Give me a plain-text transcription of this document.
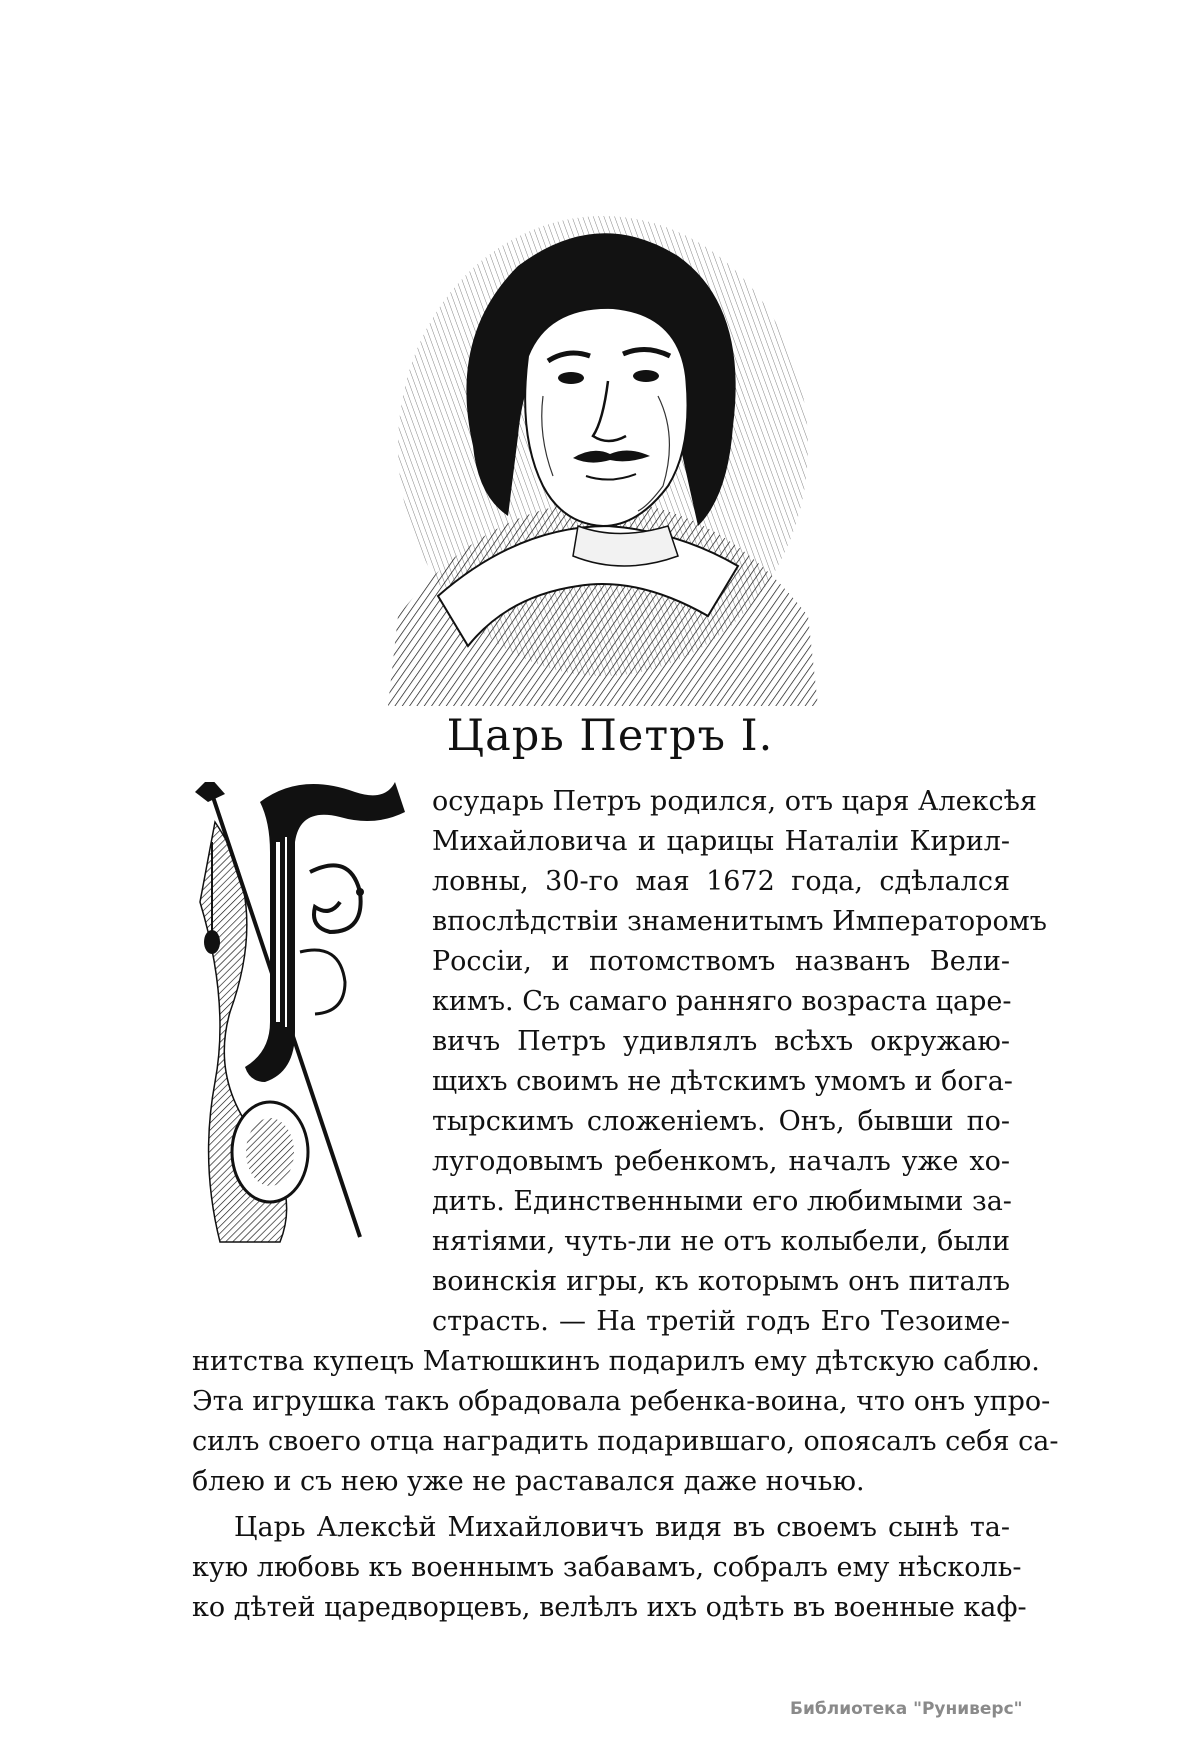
Царь Петръ I.
осударь Петръ родился, отъ царя Алексѣя
Михайловича и царицы Наталiи Кирил-
ловны, 30-го мая 1672 года, сдѣлался
впослѣдствiи знаменитымъ Императоромъ
Россiи, и потомствомъ названъ Вели-
кимъ. Съ самаго ранняго возраста царе-
вичъ Петръ удивлялъ всѣхъ окружаю-
щихъ своимъ не дѣтскимъ умомъ и бога-
тырскимъ сложенiемъ. Онъ, бывши по-
лугодовымъ ребенкомъ, началъ уже хо-
дить. Единственными его любимыми за-
нятiями, чуть-ли не отъ колыбели, были
воинскiя игры, къ которымъ онъ питалъ
страсть. — На третiй годъ Его Тезоиме-
нитства купецъ Матюшкинъ подарилъ ему дѣтскую саблю.
Эта игрушка такъ обрадовала ребенка-воина, что онъ упро-
силъ своего отца наградить подарившаго, опоясалъ себя са-
блею и съ нею уже не раставался даже ночью.
Царь Алексѣй Михайловичъ видя въ своемъ сынѣ та-
кую любовь къ военнымъ забавамъ, собралъ ему нѣсколь-
ко дѣтей царедворцевъ, велѣлъ ихъ одѣть въ военные каф-
Библиотека "Руниверс"
